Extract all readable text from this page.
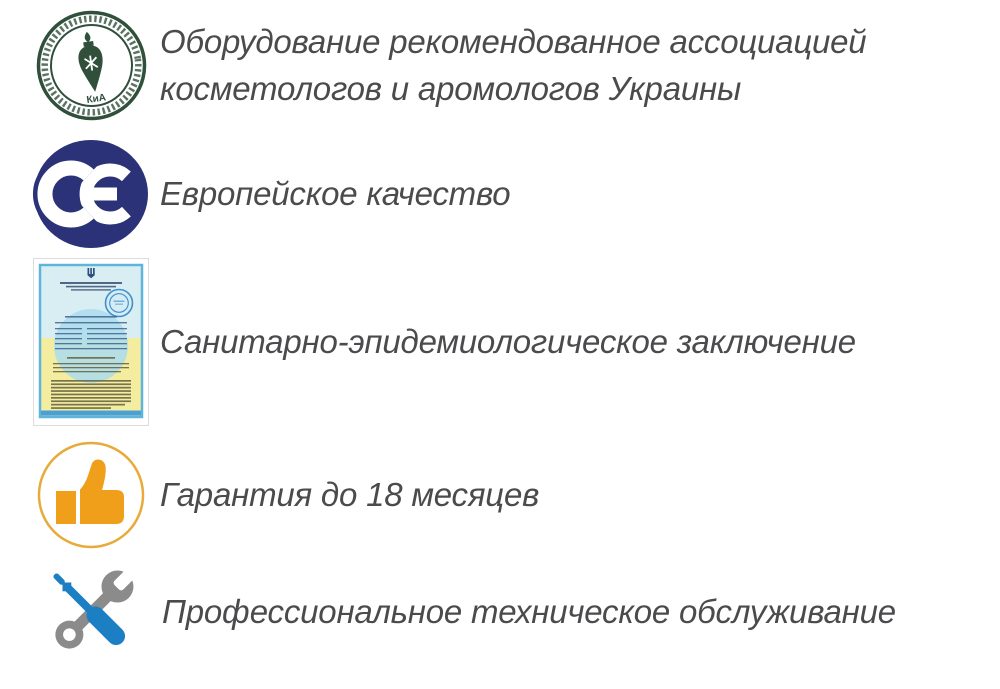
КиА
Оборудование рекомендованное ассоциацией косметологов и аромологов Украины
Европейское качество
Санитарно-эпидемиологическое заключение
Гарантия до 18 месяцев
Профессиональное техническое обслуживание
